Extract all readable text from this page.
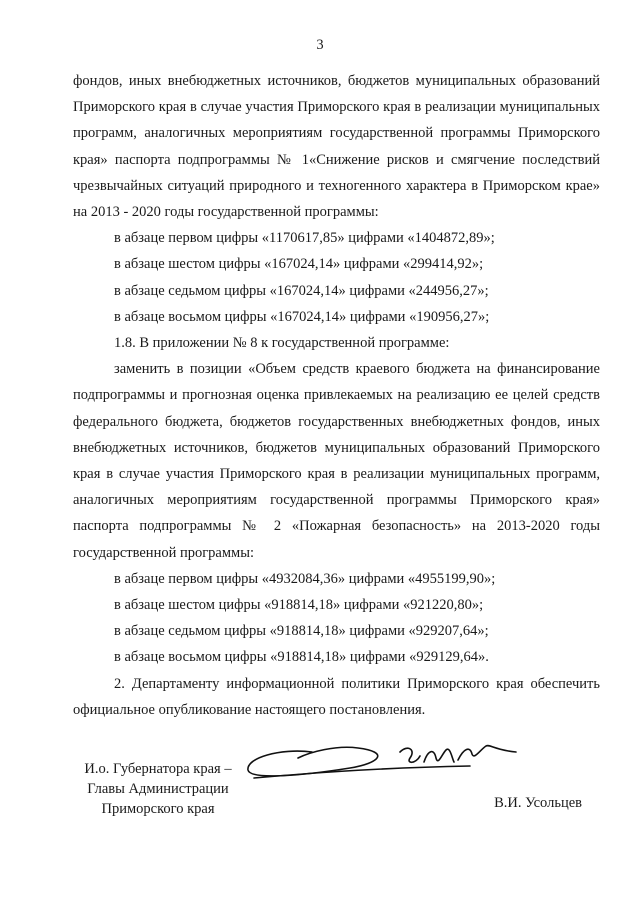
3

фондов, иных внебюджетных источников, бюджетов муниципальных образований Приморского края в случае участия Приморского края в реализации муниципальных программ, аналогичных мероприятиям государственной программы Приморского края» паспорта подпрограммы № 1«Снижение рисков и смягчение последствий чрезвычайных ситуаций природного и техногенного характера в Приморском крае» на 2013 - 2020 годы государственной программы:

в абзаце первом цифры «1170617,85» цифрами «1404872,89»;

в абзаце шестом цифры «167024,14» цифрами «299414,92»;

в абзаце седьмом цифры «167024,14» цифрами «244956,27»;

в абзаце восьмом цифры «167024,14» цифрами «190956,27»;

1.8. В приложении № 8 к государственной программе:

заменить в позиции «Объем средств краевого бюджета на финансирование подпрограммы и прогнозная оценка привлекаемых на реализацию ее целей средств федерального бюджета, бюджетов государственных внебюджетных фондов, иных внебюджетных источников, бюджетов муниципальных образований Приморского края в случае участия Приморского края в реализации муниципальных программ, аналогичных мероприятиям государственной программы Приморского края» паспорта подпрограммы № 2 «Пожарная безопасность» на 2013-2020 годы государственной программы:

в абзаце первом цифры «4932084,36» цифрами «4955199,90»;

в абзаце шестом цифры «918814,18» цифрами «921220,80»;

в абзаце седьмом цифры «918814,18» цифрами «929207,64»;

в абзаце восьмом цифры «918814,18» цифрами «929129,64».

2. Департаменту информационной политики Приморского края обеспечить официальное опубликование настоящего постановления.

И.о. Губернатора края –
Главы Администрации
Приморского края	В.И. Усольцев
